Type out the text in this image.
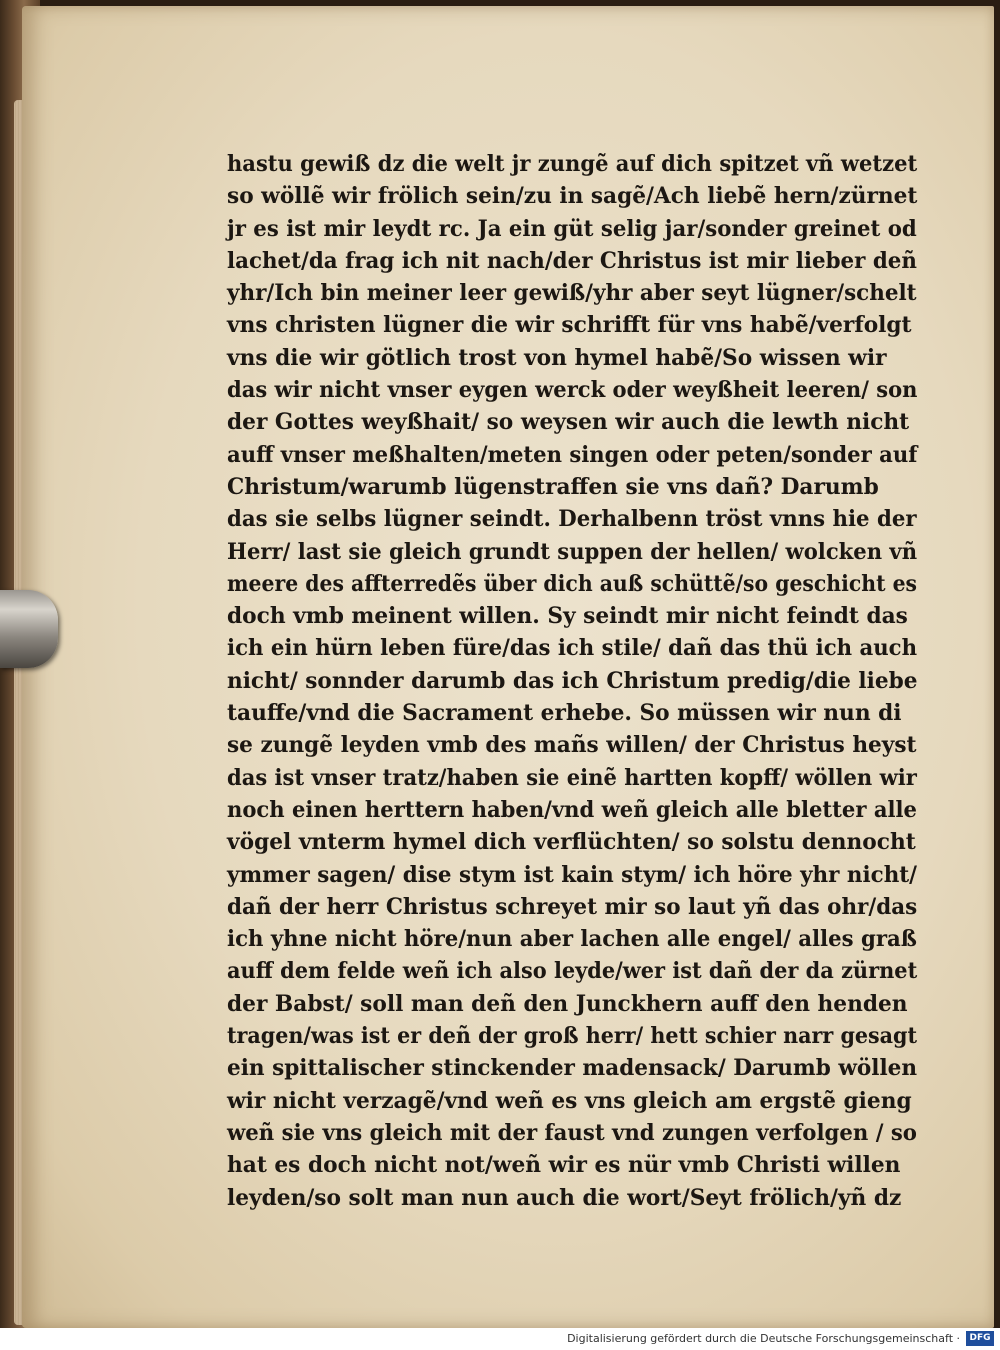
hastu gewiß dz die welt jr zungẽ auf dich spitzet vñ wetzet
so wöllẽ wir frölich sein/zu in sagẽ/Ach liebẽ hern/zürnet
jr es ist mir leydt rc. Ja ein güt selig jar/sonder greinet od
lachet/da frag ich nit nach/der Christus ist mir lieber deñ
yhr/Ich bin meiner leer gewiß/yhr aber seyt lügner/schelt
vns christen lügner die wir schrifft für vns habẽ/verfolgt
vns die wir götlich trost von hymel habẽ/So wissen wir
das wir nicht vnser eygen werck oder weyßheit leeren/ son
der Gottes weyßhait/ so weysen wir auch die lewth nicht
auff vnser meßhalten/meten singen oder peten/sonder auf
Christum/warumb lügenstraffen sie vns dañ? Darumb
das sie selbs lügner seindt. Derhalbenn tröst vnns hie der
Herr/ last sie gleich grundt suppen der hellen/ wolcken vñ
meere des affterredẽs über dich auß schüttẽ/so geschicht es
doch vmb meinent willen. Sy seindt mir nicht feindt das
ich ein hürn leben füre/das ich stile/ dañ das thü ich auch
nicht/ sonnder darumb das ich Christum predig/die liebe
tauffe/vnd die Sacrament erhebe. So müssen wir nun di
se zungẽ leyden vmb des mañs willen/ der Christus heyst
das ist vnser tratz/haben sie einẽ hartten kopff/ wöllen wir
noch einen herttern haben/vnd weñ gleich alle bletter alle
vögel vnterm hymel dich verflüchten/ so solstu dennocht
ymmer sagen/ dise stym ist kain stym/ ich höre yhr nicht/
dañ der herr Christus schreyet mir so laut yñ das ohr/das
ich yhne nicht höre/nun aber lachen alle engel/ alles graß
auff dem felde weñ ich also leyde/wer ist dañ der da zürnet
der Babst/ soll man deñ den Junckhern auff den henden
tragen/was ist er deñ der groß herr/ hett schier narr gesagt
ein spittalischer stinckender madensack/ Darumb wöllen
wir nicht verzagẽ/vnd weñ es vns gleich am ergstẽ gieng
weñ sie vns gleich mit der faust vnd zungen verfolgen / so
hat es doch nicht not/weñ wir es nür vmb Christi willen
leyden/so solt man nun auch die wort/Seyt frölich/yñ dz
Digitalisierung gefördert durch die Deutsche Forschungsgemeinschaft ·	DFG
